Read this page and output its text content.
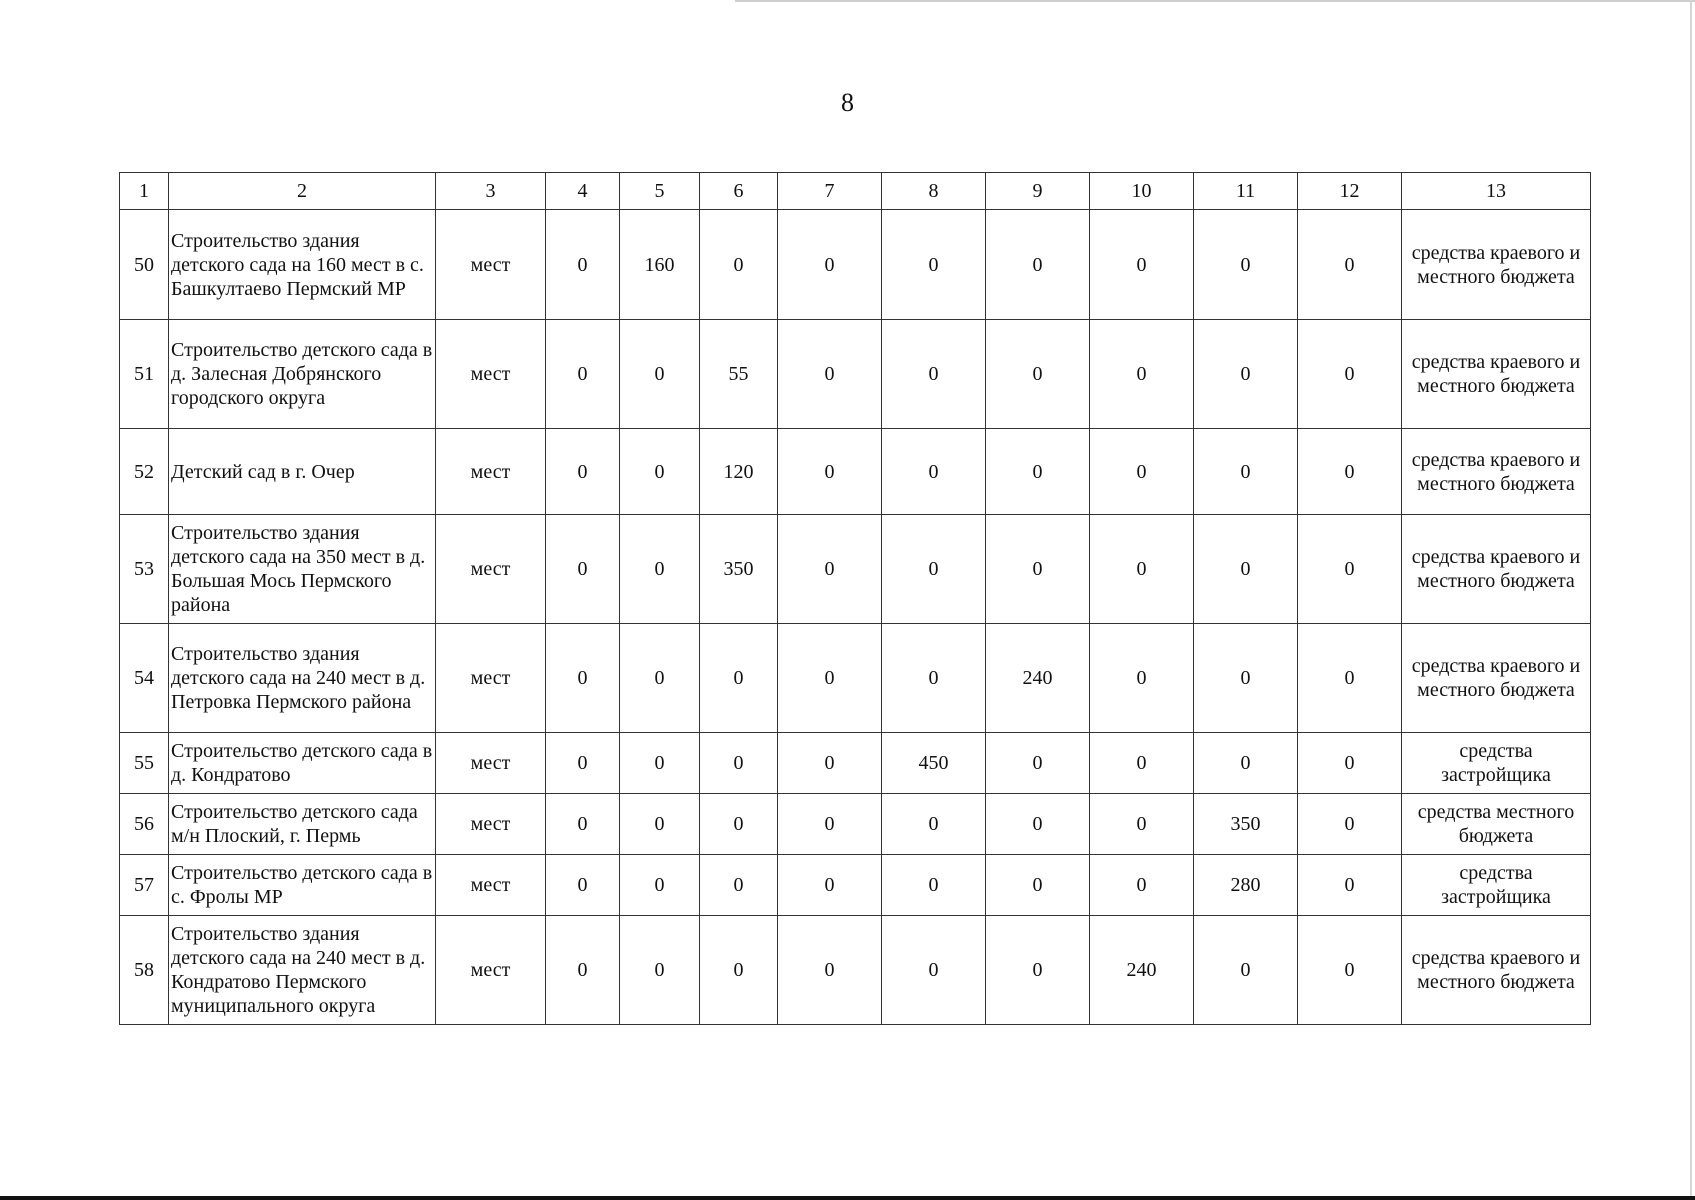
8
1	2	3	4	5	6	7	8	9	10	11	12	13
50	Строительство здания детского сада на 160 мест в с. Башкултаево Пермский МР	мест	0	160	0	0	0	0	0	0	0	средства краевого и местного бюджета
51	Строительство детского сада в д. Залесная Добрянского городского округа	мест	0	0	55	0	0	0	0	0	0	средства краевого и местного бюджета
52	Детский сад в г. Очер	мест	0	0	120	0	0	0	0	0	0	средства краевого и местного бюджета
53	Строительство здания детского сада на 350 мест в д. Большая Мось Пермского района	мест	0	0	350	0	0	0	0	0	0	средства краевого и местного бюджета
54	Строительство здания детского сада на 240 мест в д. Петровка Пермского района	мест	0	0	0	0	0	240	0	0	0	средства краевого и местного бюджета
55	Строительство детского сада в д. Кондратово	мест	0	0	0	0	450	0	0	0	0	средства застройщика
56	Строительство детского сада м/н Плоский, г. Пермь	мест	0	0	0	0	0	0	0	350	0	средства местного бюджета
57	Строительство детского сада в с. Фролы МР	мест	0	0	0	0	0	0	0	280	0	средства застройщика
58	Строительство здания детского сада на 240 мест в д. Кондратово Пермского муниципального округа	мест	0	0	0	0	0	0	240	0	0	средства краевого и местного бюджета
